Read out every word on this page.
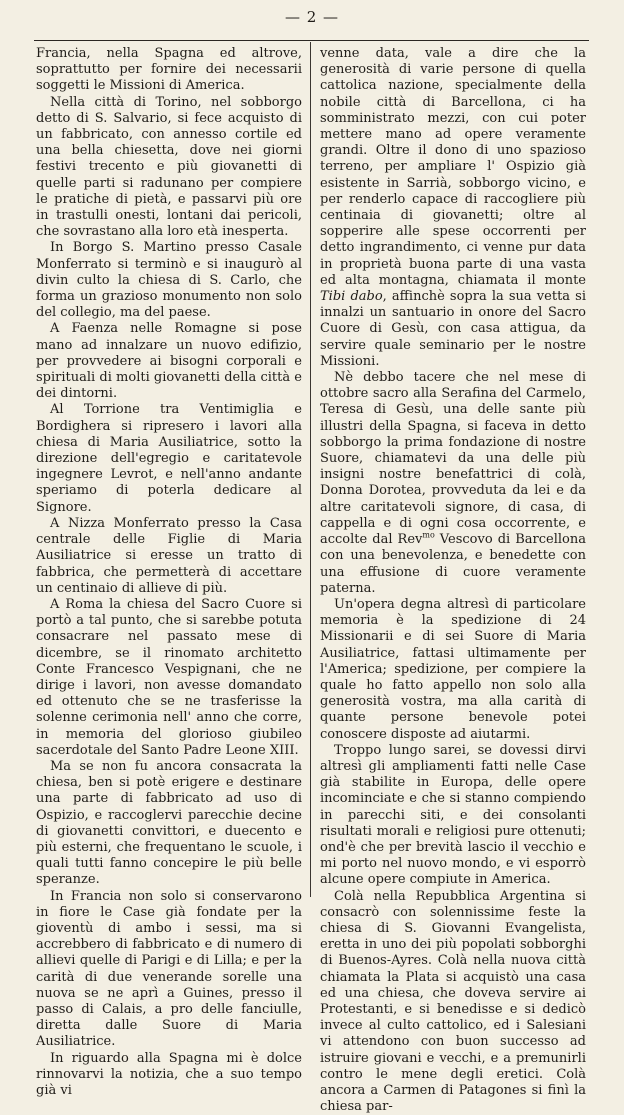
— 2 —

Francia, nella Spagna ed altrove, soprattutto per fornire dei necessarii soggetti le Missioni di America.

Nella città di Torino, nel sobborgo detto di S. Salvario, si fece acquisto di un fabbricato, con annesso cortile ed una bella chiesetta, dove nei giorni festivi trecento e più giovanetti di quelle parti si radunano per compiere le pratiche di pietà, e passarvi più ore in trastulli onesti, lontani dai pericoli, che sovrastano alla loro età inesperta.

In Borgo S. Martino presso Casale Monferrato si terminò e si inaugurò al divin culto la chiesa di S. Carlo, che forma un grazioso monumento non solo del collegio, ma del paese.

A Faenza nelle Romagne si pose mano ad innalzare un nuovo edifizio, per provvedere ai bisogni corporali e spirituali di molti giovanetti della città e dei dintorni.

Al Torrione tra Ventimiglia e Bordighera si ripresero i lavori alla chiesa di Maria Ausiliatrice, sotto la direzione dell'egregio e caritatevole ingegnere Levrot, e nell'anno andante speriamo di poterla dedicare al Signore.

A Nizza Monferrato presso la Casa centrale delle Figlie di Maria Ausiliatrice si eresse un tratto di fabbrica, che permetterà di accettare un centinaio di allieve di più.

A Roma la chiesa del Sacro Cuore si portò a tal punto, che si sarebbe potuta consacrare nel passato mese di dicembre, se il rinomato architetto Conte Francesco Vespignani, che ne dirige i lavori, non avesse domandato ed ottenuto che se ne trasferisse la solenne cerimonia nell' anno che corre, in memoria del glorioso giubileo sacerdotale del Santo Padre Leone XIII.

Ma se non fu ancora consacrata la chiesa, ben si potè erigere e destinare una parte di fabbricato ad uso di Ospizio, e raccoglervi parecchie decine di giovanetti convittori, e duecento e più esterni, che frequentano le scuole, i quali tutti fanno concepire le più belle speranze.

In Francia non solo si conservarono in fiore le Case già fondate per la gioventù di ambo i sessi, ma si accrebbero di fabbricato e di numero di allievi quelle di Parigi e di Lilla; e per la carità di due venerande sorelle una nuova se ne aprì a Guines, presso il passo di Calais, a pro delle fanciulle, diretta dalle Suore di Maria Ausiliatrice.

In riguardo alla Spagna mi è dolce rinnovarvi la notizia, che a suo tempo già vi

venne data, vale a dire che la generosità di varie persone di quella cattolica nazione, specialmente della nobile città di Barcellona, ci ha somministrato mezzi, con cui poter mettere mano ad opere veramente grandi. Oltre il dono di uno spazioso terreno, per ampliare l' Ospizio già esistente in Sarrià, sobborgo vicino, e per renderlo capace di raccogliere più centinaia di giovanetti; oltre al sopperire alle spese occorrenti per detto ingrandimento, ci venne pur data in proprietà buona parte di una vasta ed alta montagna, chiamata il monte Tibi dabo, affinchè sopra la sua vetta si innalzi un santuario in onore del Sacro Cuore di Gesù, con casa attigua, da servire quale seminario per le nostre Missioni.

Nè debbo tacere che nel mese di ottobre sacro alla Serafina del Carmelo, Teresa di Gesù, una delle sante più illustri della Spagna, si faceva in detto sobborgo la prima fondazione di nostre Suore, chiamatevi da una delle più insigni nostre benefattrici di colà, Donna Dorotea, provveduta da lei e da altre caritatevoli signore, di casa, di cappella e di ogni cosa occorrente, e accolte dal Rev$^{mo}$ Vescovo di Barcellona con una benevolenza, e benedette con una effusione di cuore veramente paterna.

Un'opera degna altresì di particolare memoria è la spedizione di 24 Missionarii e di sei Suore di Maria Ausiliatrice, fattasi ultimamente per l'America; spedizione, per compiere la quale ho fatto appello non solo alla generosità vostra, ma alla carità di quante persone benevole potei conoscere disposte ad aiutarmi.

Troppo lungo sarei, se dovessi dirvi altresì gli ampliamenti fatti nelle Case già stabilite in Europa, delle opere incominciate e che si stanno compiendo in parecchi siti, e dei consolanti risultati morali e religiosi pure ottenuti; ond'è che per brevità lascio il vecchio e mi porto nel nuovo mondo, e vi esporrò alcune opere compiute in America.

Colà nella Repubblica Argentina si consacrò con solennissime feste la chiesa di S. Giovanni Evangelista, eretta in uno dei più popolati sobborghi di Buenos-Ayres. Colà nella nuova città chiamata la Plata si acquistò una casa ed una chiesa, che doveva servire ai Protestanti, e si benedisse e si dedicò invece al culto cattolico, ed i Salesiani vi attendono con buon successo ad istruire giovani e vecchi, e a premunirli contro le mene degli eretici. Colà ancora a Carmen di Patagones si finì la chiesa par-
